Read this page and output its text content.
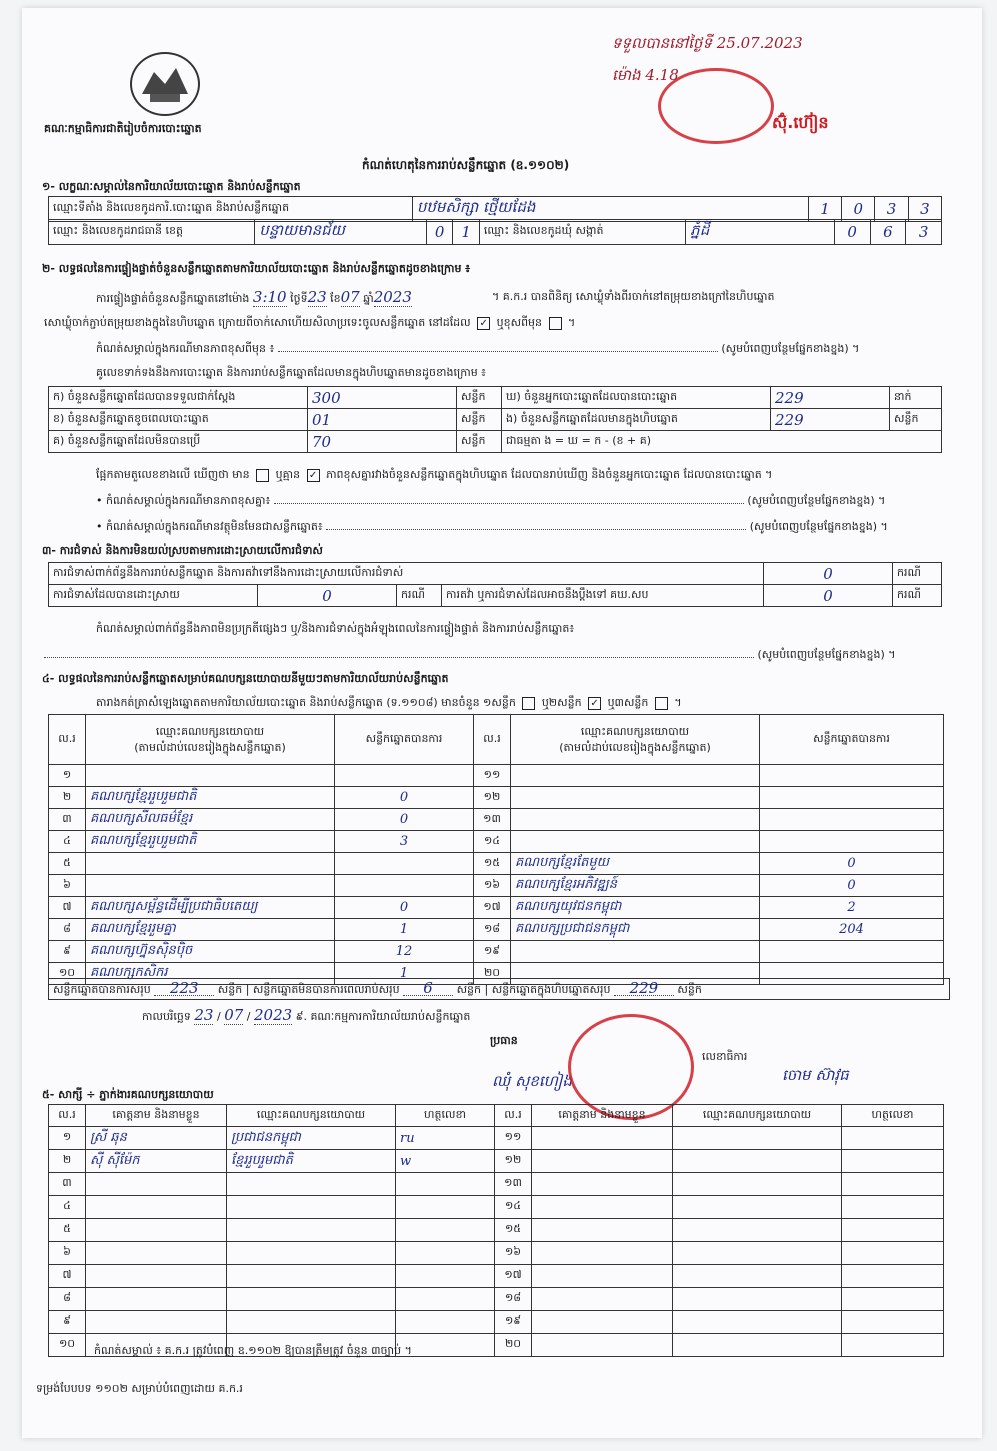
គណៈកម្មាធិការជាតិរៀបចំការបោះឆ្នោត
ទទួលបាននៅថ្ងៃទី 25.07.2023
ម៉ោង 4.18
ស៊ុំ.ហ៊ៀន
កំណត់ហេតុនៃការរាប់សន្លឹកឆ្នោត (ឧ.១១០២)
១- លក្ខណៈសម្គាល់នៃការិយាល័យបោះឆ្នោត និងរាប់សន្លឹកឆ្នោត
ឈ្មោះទីតាំង និងលេខកូដការិ.បោះឆ្នោត និងរាប់សន្លឹកឆ្នោត	បឋមសិក្សា ថ្មើយដែង	1	0	3	3
ឈ្មោះ និងលេខកូដរាជធានី ខេត្ត	បន្ទាយមានជ័យ	0	1	ឈ្មោះ និងលេខកូដឃុំ សង្កាត់	ភ្នំដី	0	6	3
២- លទ្ធផលនៃការផ្ទៀងផ្ទាត់ចំនួនសន្លឹកឆ្នោតតាមការិយាល័យបោះឆ្នោត និងរាប់សន្លឹកឆ្នោតដូចខាងក្រោម ៖
ការផ្ទៀងផ្ទាត់ចំនួនសន្លឹកឆ្នោតនៅម៉ោង 3:10 ថ្ងៃទី23 ខែ07 ឆ្នាំ2023	។ គ.ក.រ បានពិនិត្យ សោឃ្លុំទាំងពីរចាក់នៅតម្រុយខាងក្រៅនៃហិបឆ្នោត
សោឃ្លុំចាក់ភ្ជាប់តម្រុយខាងក្នុងនៃហិបឆ្នោត ក្រោយពីចាក់សោហើយសិលាប្រទេះចូលសន្លឹកឆ្នោត នៅដដែល ✓ ឬខុសពីមុន  ។
កំណត់សម្គាល់ក្នុងករណីមានភាពខុសពីមុន ៖	(សូមបំពេញបន្ថែមផ្នែកខាងខ្នង) ។
គូលេខទាក់ទងនឹងការបោះឆ្នោត និងការរាប់សន្លឹកឆ្នោតដែលមានក្នុងហិបឆ្នោតមានដូចខាងក្រោម ៖
ក) ចំនួនសន្លឹកឆ្នោតដែលបានទទួលជាក់ស្តែង	300	សន្លឹក	ឃ) ចំនួនអ្នកបោះឆ្នោតដែលបានបោះឆ្នោត	229	នាក់
ខ) ចំនួនសន្លឹកឆ្នោតខូចពេលបោះឆ្នោត	01	សន្លឹក	ង) ចំនួនសន្លឹកឆ្នោតដែលមានក្នុងហិបឆ្នោត	229	សន្លឹក
គ) ចំនួនសន្លឹកឆ្នោតដែលមិនបានប្រើ	70	សន្លឹក	ជាធម្មតា ង = ឃ = ក - (ខ + គ)		
ផ្អែកតាមតួលេខខាងលើ ឃើញថា មាន ឬគ្មាន ✓ ភាពខុសគ្នារវាងចំនួនសន្លឹកឆ្នោតក្នុងហិបឆ្នោត ដែលបានរាប់ឃើញ និងចំនួនអ្នកបោះឆ្នោត ដែលបានបោះឆ្នោត ។
• កំណត់សម្គាល់ក្នុងករណីមានភាពខុសគ្នា៖	(សូមបំពេញបន្ថែមផ្នែកខាងខ្នង) ។
• កំណត់សម្គាល់ក្នុងករណីមានវត្ថុមិនមែនជាសន្លឹកឆ្នោត៖	(សូមបំពេញបន្ថែមផ្នែកខាងខ្នង) ។
៣- ការជំទាស់ និងការមិនយល់ស្របតាមការដោះស្រាយលើការជំទាស់
ការជំទាស់ពាក់ព័ន្ធនឹងការរាប់សន្លឹកឆ្នោត និងការតវ៉ាទៅនឹងការដោះស្រាយលើការជំទាស់				0	ករណី
ការជំទាស់ដែលបានដោះស្រាយ	0	ករណី	ការតវ៉ា ឬការជំទាស់ដែលអាចនឹងប្តឹងទៅ គឃ.សប	0	ករណី
កំណត់សម្គាល់ពាក់ព័ន្ធនឹងភាពមិនប្រក្រតីផ្សេងៗ ឬ/និងការជំទាស់ក្នុងអំឡុងពេលនៃការផ្ទៀងផ្ទាត់ និងការរាប់សន្លឹកឆ្នោត៖
(សូមបំពេញបន្ថែមផ្នែកខាងខ្នង) ។
៤- លទ្ធផលនៃការរាប់សន្លឹកឆ្នោតសម្រាប់គណបក្សនយោបាយនីមួយៗតាមការិយាល័យរាប់សន្លឹកឆ្នោត
តារាងកត់ត្រាសំឡេងឆ្នោតតាមការិយាល័យបោះឆ្នោត និងរាប់សន្លឹកឆ្នោត (ទ.១១០៨) មានចំនួន ១សន្លឹក ឬ២សន្លឹក ✓ ឬ៣សន្លឹក  ។
ល.រ	ឈ្មោះគណបក្សនយោបាយ
(តាមលំដាប់លេខរៀងក្នុងសន្លឹកឆ្នោត)	សន្លឹកឆ្នោតបានការ	ល.រ	ឈ្មោះគណបក្សនយោបាយ
(តាមលំដាប់លេខរៀងក្នុងសន្លឹកឆ្នោត)	សន្លឹកឆ្នោតបានការ
១			១១		
២	គណបក្សខ្មែររួបរួមជាតិ	0	១២		
៣	គណបក្សសីលធម៌ខ្មែរ	0	១៣		
៤	គណបក្សខ្មែររួបរួមជាតិ	3	១៤		
៥			១៥	គណបក្សខ្មែរតែមួយ	0
៦			១៦	គណបក្សខ្មែរអភិវឌ្ឍន៍	0
៧	គណបក្សសម្ព័ន្ធដើម្បីប្រជាធិបតេយ្យ	0	១៧	គណបក្សយុវជនកម្ពុជា	2
៨	គណបក្សខ្មែររួមគ្នា	1	១៨	គណបក្សប្រជាជនកម្ពុជា	204
៩	គណបក្សហ្វ៊ុនស៊ិនប៉ិច	12	១៩		
១០	គណបក្សកសិករ	1	២០		
សន្លឹកឆ្នោតបានការសរុប 223 សន្លឹក | សន្លឹកឆ្នោតមិនបានការពេលរាប់សរុប 6 សន្លឹក | សន្លឹកឆ្នោតក្នុងហិបឆ្នោតសរុប 229 សន្លឹក
កាលបរិច្ឆេទ 23 / 07 / 2023 ៩. គណៈកម្មការការិយាល័យរាប់សន្លឹកឆ្នោត
ប្រធាន
ឈុំ សុខហៀង
លេខាធិការ
ចោម ស៊ាវុធ
៥- សាក្សី ÷ ភ្នាក់ងារគណបក្សនយោបាយ
ល.រ	គោត្តនាម និងនាមខ្លួន	ឈ្មោះគណបក្សនយោបាយ	ហត្ថលេខា	ល.រ	គោត្តនាម និងនាមខ្លួន	ឈ្មោះគណបក្សនយោបាយ	ហត្ថលេខា
១	ស្រី ឆុន	ប្រជាជនកម្ពុជា	ru	១១			
២	ស៊ី ស៊ីម៉ែក	ខ្មែររួបរួមជាតិ	w	១២			
៣				១៣			
៤				១៤			
៥				១៥			
៦				១៦			
៧				១៧			
៨				១៨			
៩				១៩			
១០				២០			
កំណត់សម្គាល់ ៖ គ.ក.រ ត្រូវបំពេញ ឧ.១១០២ ឱ្យបានត្រឹមត្រូវ ចំនួន ៣ច្បាប់ ។
ទម្រង់បែបបទ ១១០២ សម្រាប់បំពេញដោយ គ.ក.រ
